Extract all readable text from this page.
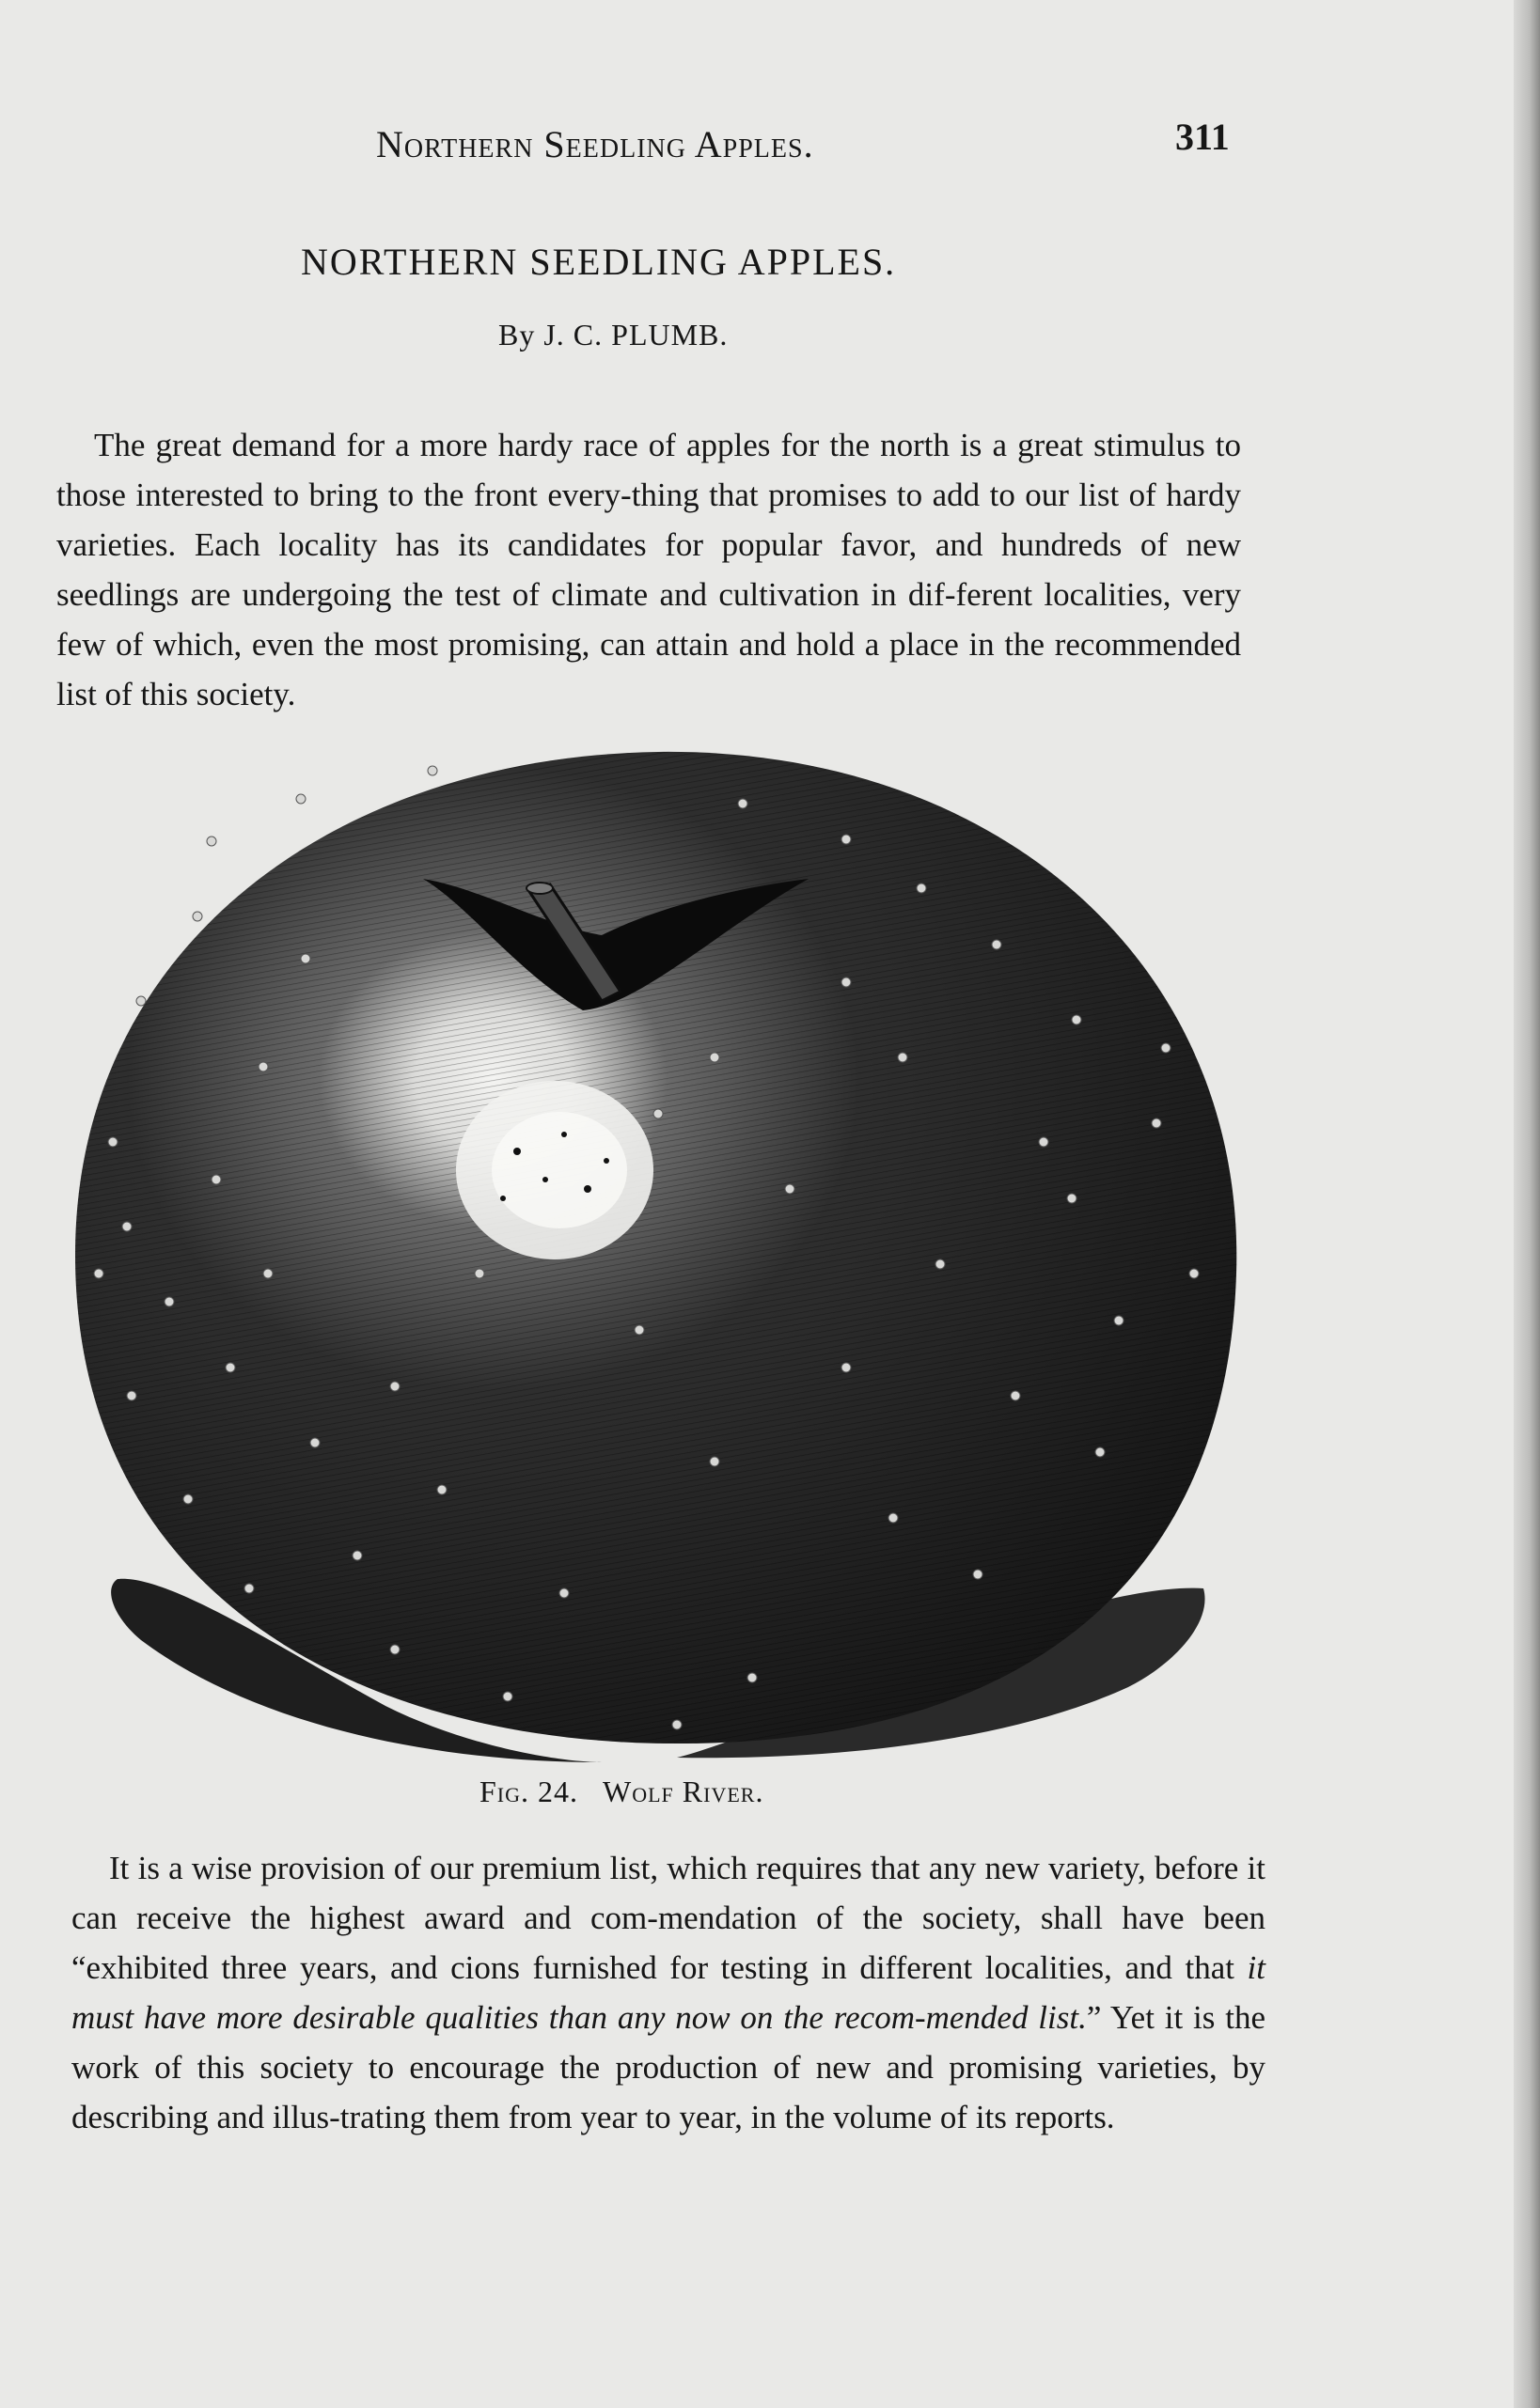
Northern Seedling Apples.	311
NORTHERN SEEDLING APPLES.
By J. C. PLUMB.

The great demand for a more hardy race of apples for the north is a great stimulus to those interested to bring to the front every-thing that promises to add to our list of hardy varieties. Each locality has its candidates for popular favor, and hundreds of new seedlings are undergoing the test of climate and cultivation in dif-ferent localities, very few of which, even the most promising, can attain and hold a place in the recommended list of this society.

Fig. 24. Wolf River.

It is a wise provision of our premium list, which requires that any new variety, before it can receive the highest award and com-mendation of the society, shall have been “exhibited three years, and cions furnished for testing in different localities, and that it must have more desirable qualities than any now on the recom-mended list.” Yet it is the work of this society to encourage the production of new and promising varieties, by describing and illus-trating them from year to year, in the volume of its reports.
